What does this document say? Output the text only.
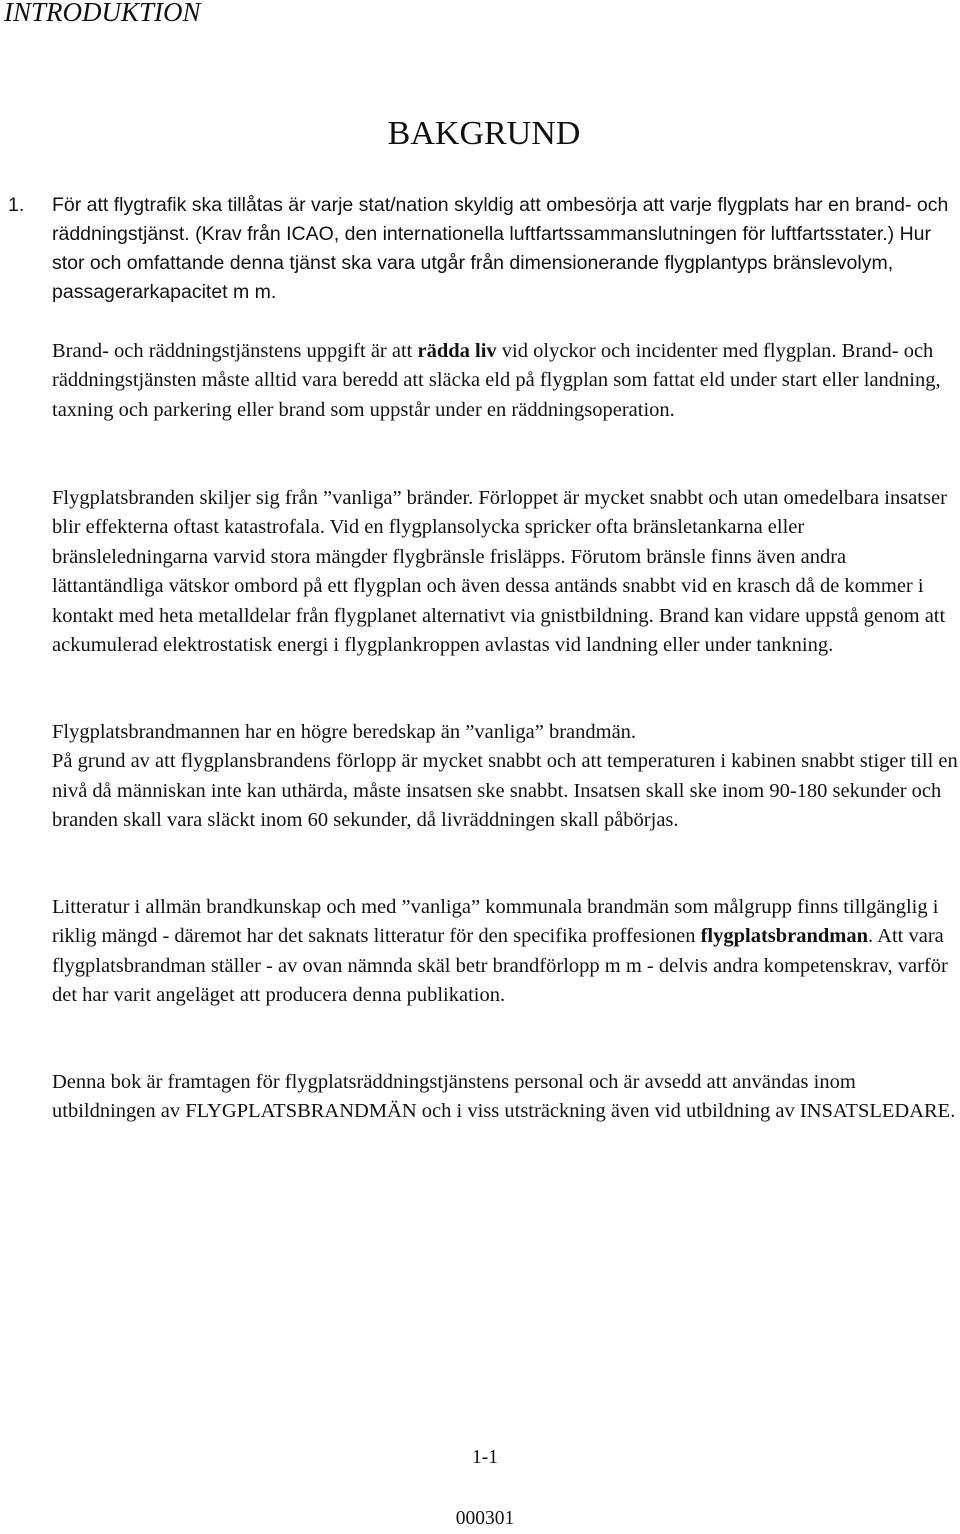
INTRODUKTION
BAKGRUND
1. För att flygtrafik ska tillåtas är varje stat/nation skyldig att ombesörja att varje flygplats har en brand- och räddningstjänst. (Krav från ICAO, den internationella luftfartssammanslutningen för luftfartsstater.) Hur stor och omfattande denna tjänst ska vara utgår från dimensionerande flygplantyps bränslevolym, passagerarkapacitet m m.
Brand- och räddningstjänstens uppgift är att rädda liv vid olyckor och incidenter med flygplan. Brand- och räddningstjänsten måste alltid vara beredd att släcka eld på flygplan som fattat eld under start eller landning, taxning och parkering eller brand som uppstår under en räddningsoperation.
Flygplatsbranden skiljer sig från ”vanliga” bränder. Förloppet är mycket snabbt och utan omedelbara insatser blir effekterna oftast katastrofala. Vid en flygplansolycka spricker ofta bränsletankarna eller bränsleledningarna varvid stora mängder flygbränsle frisläpps. Förutom bränsle finns även andra lättantändliga vätskor ombord på ett flygplan och även dessa antänds snabbt vid en krasch då de kommer i kontakt med heta metalldelar från flygplanet alternativt via gnistbildning. Brand kan vidare uppstå genom att ackumulerad elektrostatisk energi i flygplankroppen avlastas vid landning eller under tankning.
Flygplatsbrandmannen har en högre beredskap än ”vanliga” brandmän.
På grund av att flygplansbrandens förlopp är mycket snabbt och att temperaturen i kabinen snabbt stiger till en nivå då människan inte kan uthärda, måste insatsen ske snabbt. Insatsen skall ske inom 90-180 sekunder och branden skall vara släckt inom 60 sekunder, då livräddningen skall påbörjas.
Litteratur i allmän brandkunskap och med ”vanliga” kommunala brandmän som målgrupp finns tillgänglig i riklig mängd - däremot har det saknats litteratur för den specifika proffesionen flygplatsbrandman. Att vara flygplatsbrandman ställer - av ovan nämnda skäl betr brandförlopp m m - delvis andra kompetenskrav, varför det har varit angeläget att producera denna publikation.
Denna bok är framtagen för flygplatsräddningstjänstens personal och är avsedd att användas inom utbildningen av FLYGPLATSBRANDMÄN och i viss utsträckning även vid utbildning av INSATSLEDARE.
1-1
000301
